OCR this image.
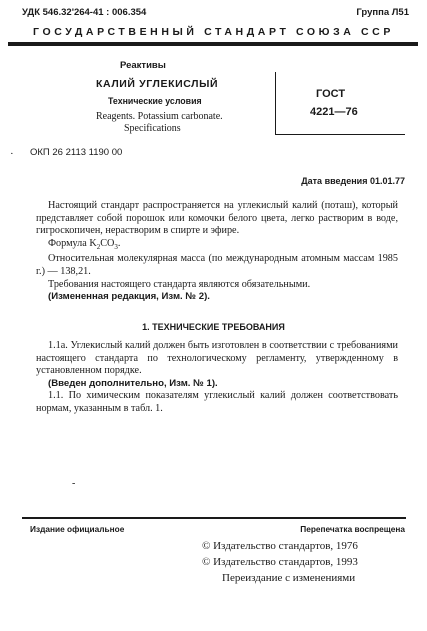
УДК 546.32'264-41 : 006.354	Группа Л51
ГОСУДАРСТВЕННЫЙ СТАНДАРТ СОЮЗА ССР
Реактивы
КАЛИЙ УГЛЕКИСЛЫЙ
Технические условия
Reagents. Potassium carbonate.
Specifications
ГОСТ
4221—76
· ОКП 26 2113 1190 00
Дата введения 01.01.77

Настоящий стандарт распространяется на углекислый калий (поташ), который представляет собой порошок или комочки белого цвета, легко растворим в воде, гигроскопичен, нерастворим в спирте и эфире.

Формула $K_2CO_3$.

Относительная молекулярная масса (по международным атомным массам 1985 г.) — 138,21.

Требования настоящего стандарта являются обязательными.

(Измененная редакция, Изм. № 2).

1. ТЕХНИЧЕСКИЕ ТРЕБОВАНИЯ

1.1а. Углекислый калий должен быть изготовлен в соответствии с требованиями настоящего стандарта по технологическому регламенту, утвержденному в установленном порядке.

(Введен дополнительно, Изм. № 1).

1.1. По химическим показателям углекислый калий должен соответствовать нормам, указанным в табл. 1.

‑
Издание официальное	Перепечатка воспрещена
© Издательство стандартов, 1976
© Издательство стандартов, 1993
Переиздание с изменениями
